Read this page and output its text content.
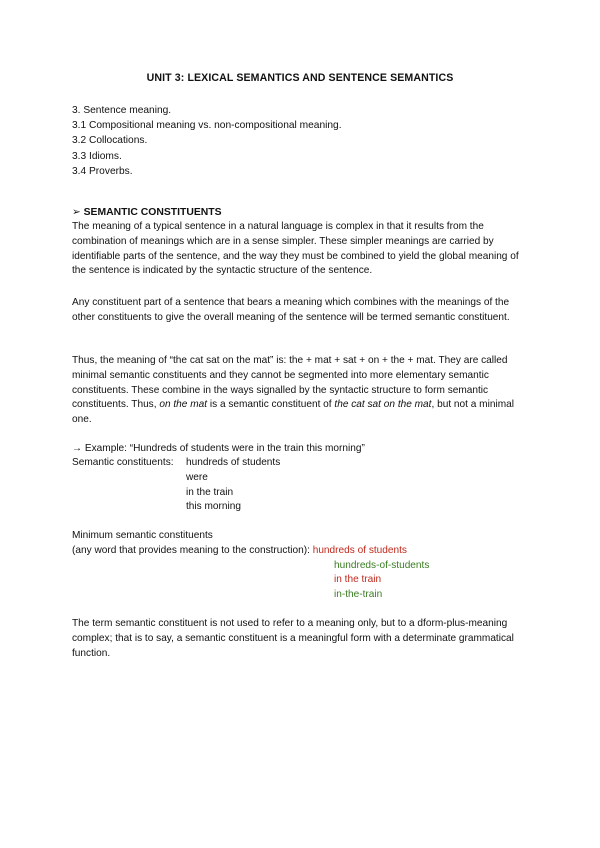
UNIT 3: LEXICAL SEMANTICS AND SENTENCE SEMANTICS
3. Sentence meaning.
3.1 Compositional meaning vs. non-compositional meaning.
3.2 Collocations.
3.3 Idioms.
3.4 Proverbs.
➢ SEMANTIC CONSTITUENTS
The meaning of a typical sentence in a natural language is complex in that it results from the combination of meanings which are in a sense simpler. These simpler meanings are carried by identifiable parts of the sentence, and the way they must be combined to yield the global meaning of the sentence is indicated by the syntactic structure of the sentence.
Any constituent part of a sentence that bears a meaning which combines with the meanings of the other constituents to give the overall meaning of the sentence will be termed semantic constituent.
Thus, the meaning of “the cat sat on the mat” is: the + mat + sat + on + the + mat. They are called minimal semantic constituents and they cannot be segmented into more elementary semantic constituents. These combine in the ways signalled by the syntactic structure to form semantic constituents. Thus, on the mat is a semantic constituent of the cat sat on the mat, but not a minimal one.
→ Example: “Hundreds of students were in the train this morning”
Semantic constituents:	hundreds of students
were
in the train
this morning
Minimum semantic constituents
(any word that provides meaning to the construction):
hundreds of students
hundreds-of-students
in the train
in-the-train
The term semantic constituent is not used to refer to a meaning only, but to a dform-plus-meaning complex; that is to say, a semantic constituent is a meaningful form with a determinate grammatical function.
